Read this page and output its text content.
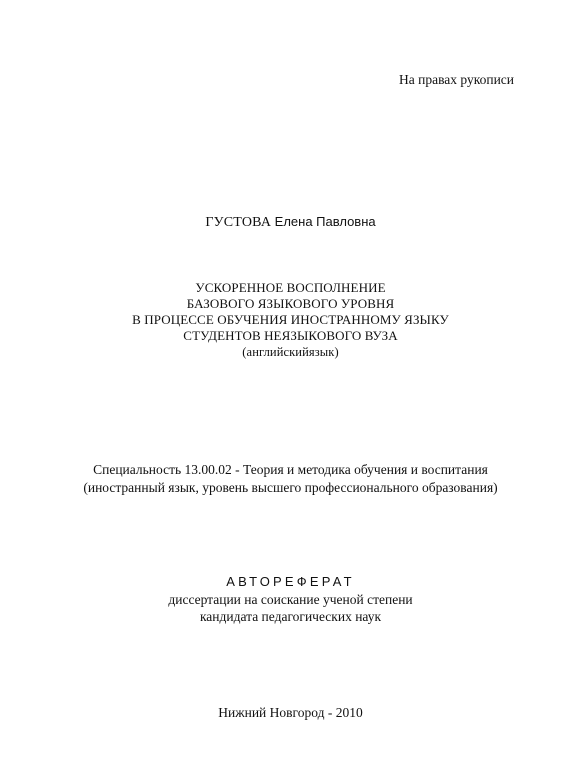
На правах рукописи
ГУСТОВА Елена Павловна
УСКОРЕННОЕ ВОСПОЛНЕНИЕ
БАЗОВОГО ЯЗЫКОВОГО УРОВНЯ
В ПРОЦЕССЕ ОБУЧЕНИЯ ИНОСТРАННОМУ ЯЗЫКУ
СТУДЕНТОВ НЕЯЗЫКОВОГО ВУЗА
(английскийязык)
Специальность 13.00.02 - Теория и методика обучения и воспитания
(иностранный язык, уровень высшего профессионального образования)
АВТОРЕФЕРАТ
диссертации на соискание ученой степени
кандидата педагогических наук
Нижний Новгород - 2010
